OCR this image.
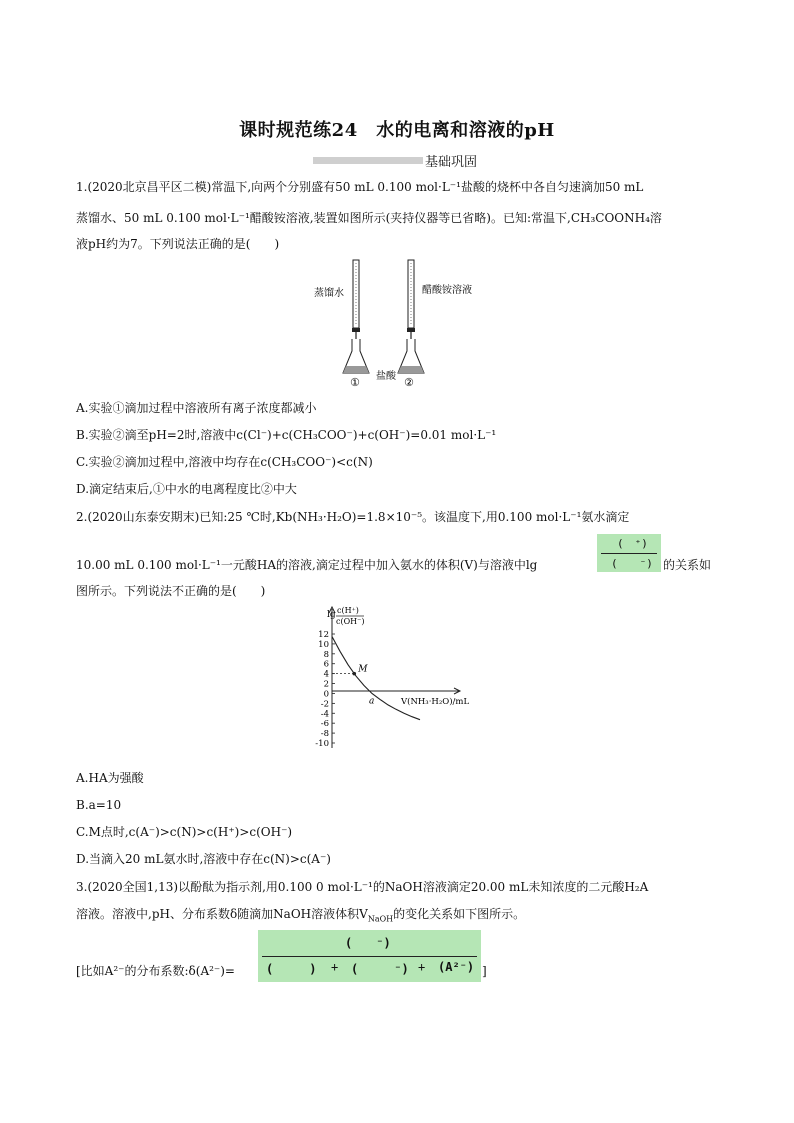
课时规范练24　水的电离和溶液的pH
基础巩固
1.(2020北京昌平区二模)常温下,向两个分别盛有50 mL 0.100 mol·L⁻¹盐酸的烧杯中各自匀速滴加50 mL
蒸馏水、50 mL 0.100 mol·L⁻¹醋酸铵溶液,装置如图所示(夹持仪器等已省略)。已知:常温下,CH₃COONH₄溶
液pH约为7。下列说法正确的是(　　)
蒸馏水	醋酸铵溶液
盐酸
①	②
A.实验①滴加过程中溶液所有离子浓度都减小
B.实验②滴至pH=2时,溶液中c(Cl⁻)+c(CH₃COO⁻)+c(OH⁻)=0.01 mol·L⁻¹
C.实验②滴加过程中,溶液中均存在c(CH₃COO⁻)<c(N)
D.滴定结束后,①中水的电离程度比②中大
2.(2020山东泰安期末)已知:25 ℃时,Kb(NH₃·H₂O)=1.8×10⁻⁵。该温度下,用0.100 mol·L⁻¹氨水滴定
10.00 mL 0.100 mol·L⁻¹一元酸HA的溶液,滴定过程中加入氨水的体积(V)与溶液中lg
(　⁺)
(　　⁻) 的关系如
图所示。下列说法不正确的是(　　)
lg c(H⁺)
c(OH⁻)
12
10
8
6
4
2
0
-2
-4
-6
-8
-10
V(NH₃·H₂O)/mL
M
a
A.HA为强酸
B.a=10
C.M点时,c(A⁻)>c(N)>c(H⁺)>c(OH⁻)
D.当滴入20 mL氨水时,溶液中存在c(N)>c(A⁻)
3.(2020全国1,13)以酚酞为指示剂,用0.100 0 mol·L⁻¹的NaOH溶液滴定20.00 mL未知浓度的二元酸H₂A
溶液。溶液中,pH、分布系数δ随滴加NaOH溶液体积$V_{NaOH}$的变化关系如下图所示。
[比如A²⁻的分布系数:δ(A²⁻)=
(　　⁻)
(　　　) + (　　　⁻) + (A²⁻) ]
